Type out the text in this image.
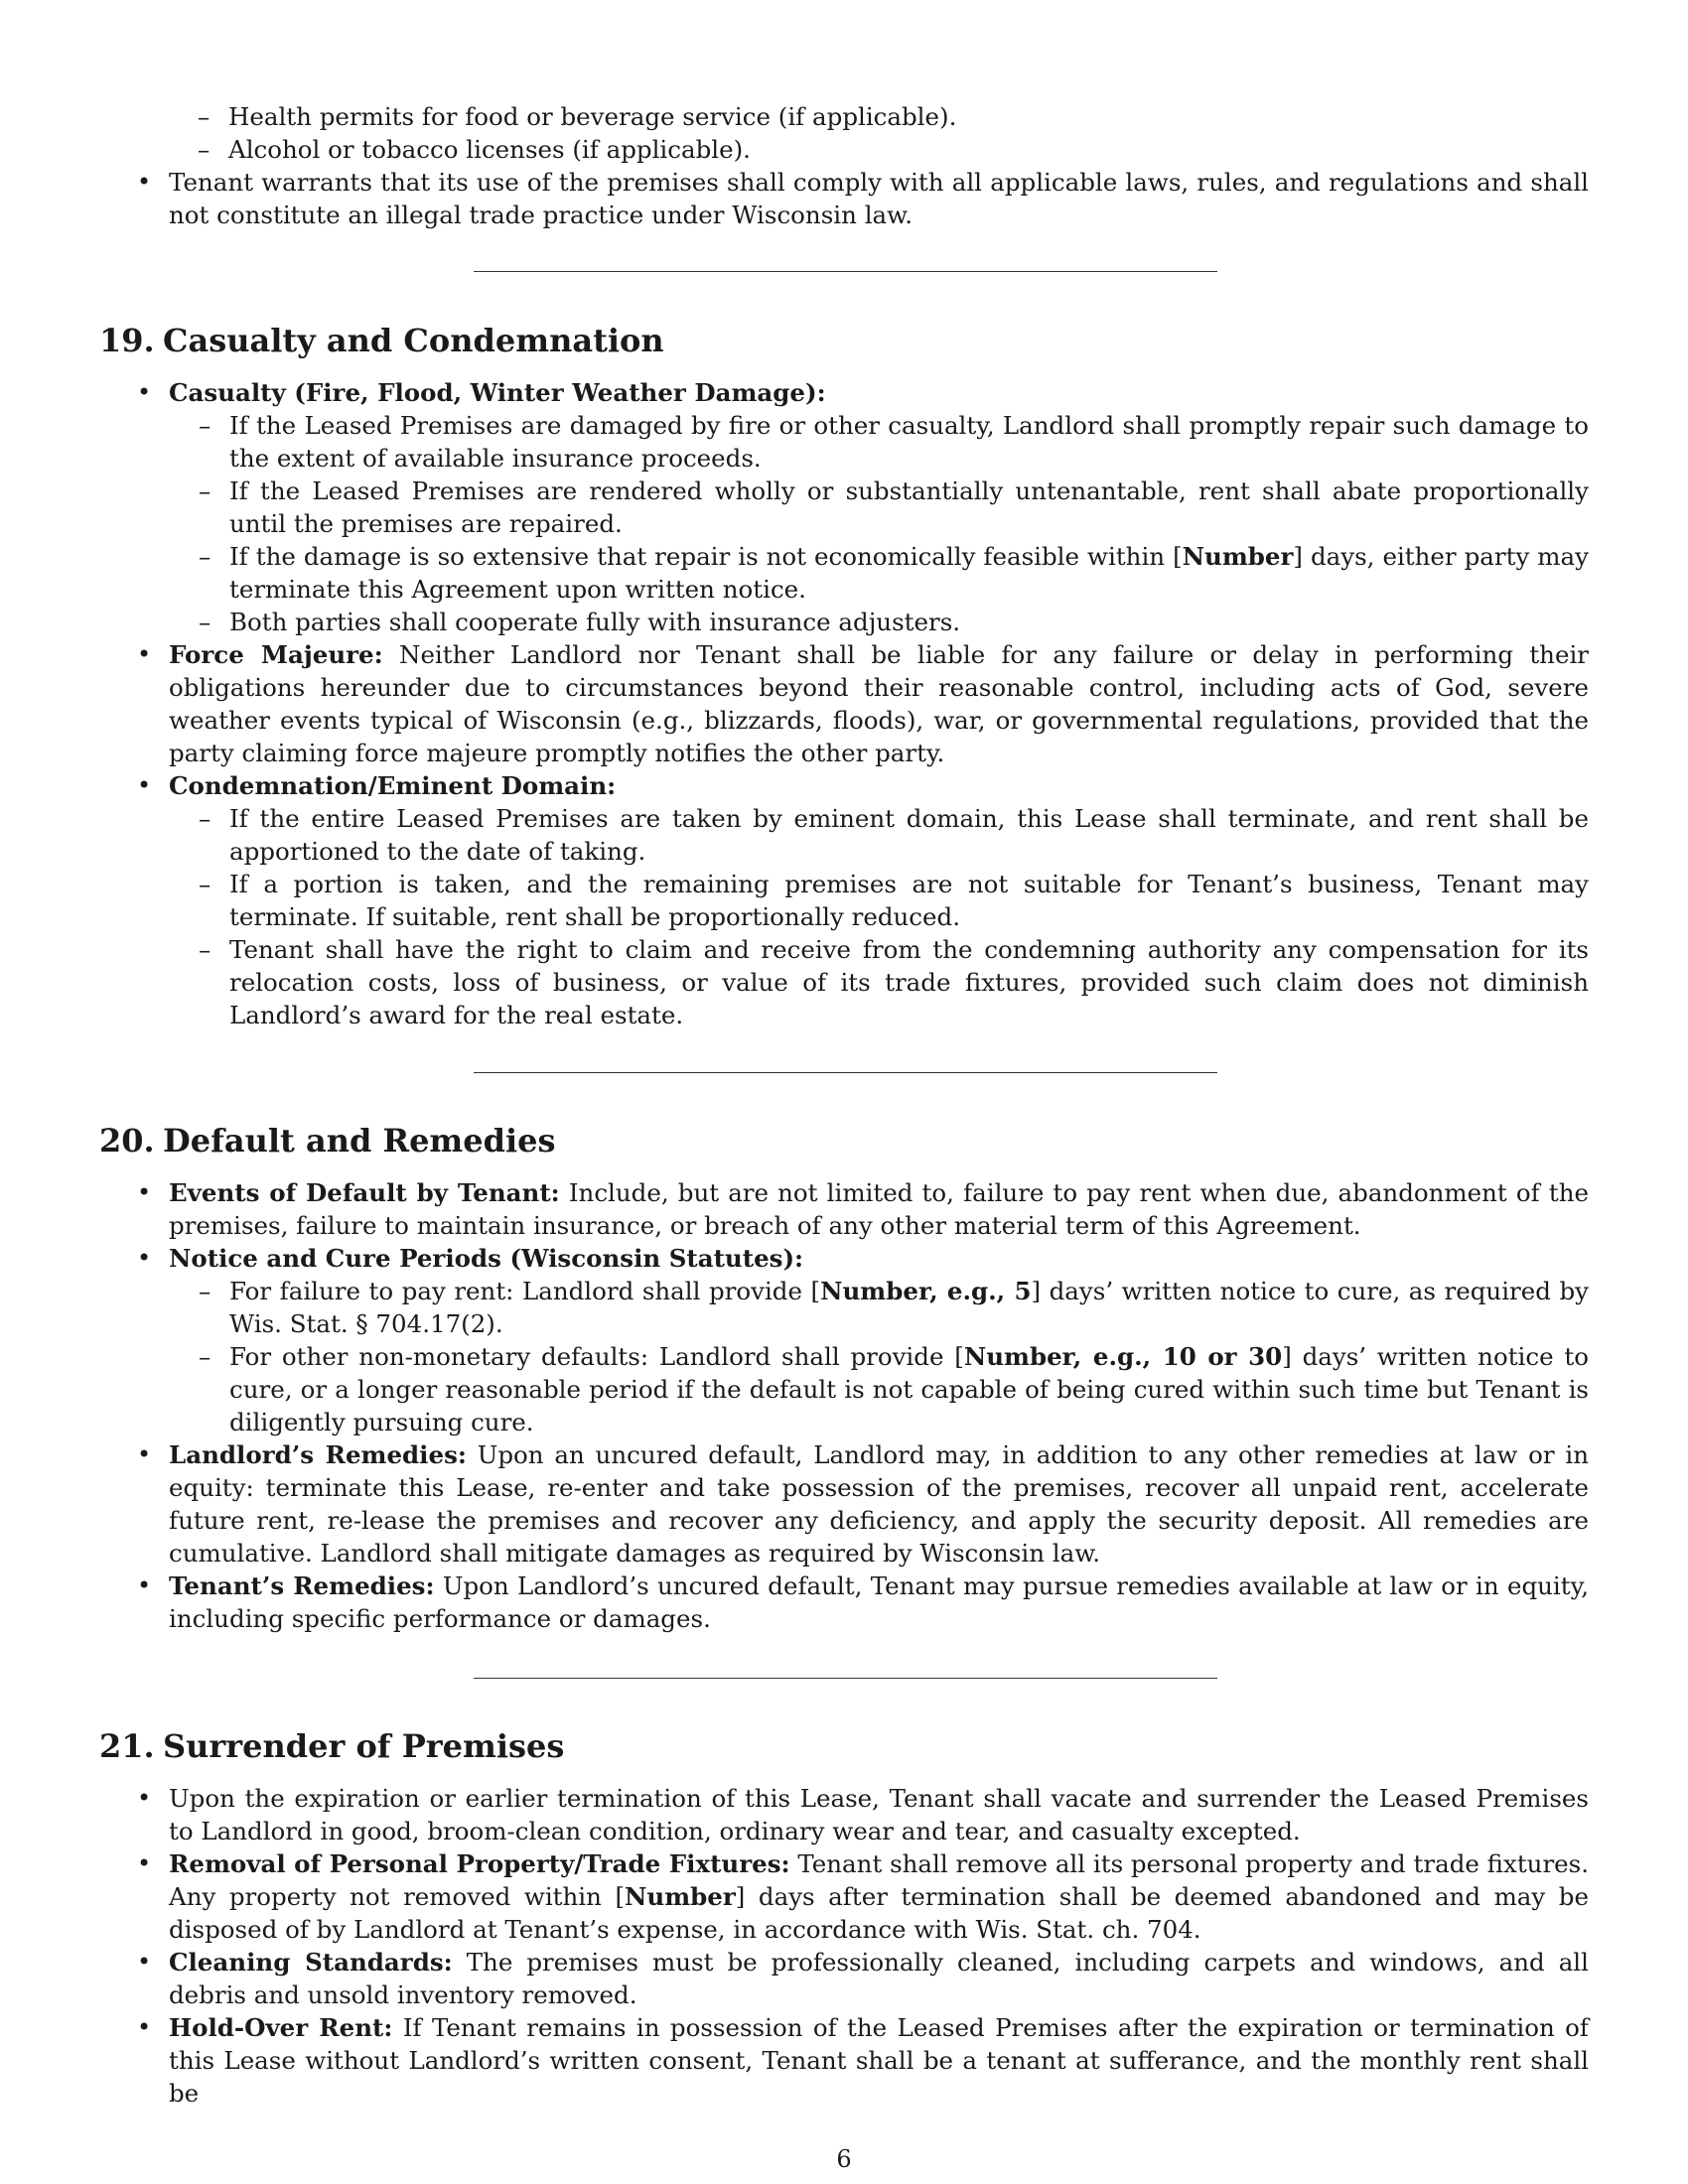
– Health permits for food or beverage service (if applicable).
– Alcohol or tobacco licenses (if applicable).
• Tenant warrants that its use of the premises shall comply with all applicable laws, rules, and regulations and shall not constitute an illegal trade practice under Wisconsin law.
19. Casualty and Condemnation
• Casualty (Fire, Flood, Winter Weather Damage):
– If the Leased Premises are damaged by fire or other casualty, Landlord shall promptly repair such damage to the extent of available insurance proceeds.
– If the Leased Premises are rendered wholly or substantially untenantable, rent shall abate proportionally until the premises are repaired.
– If the damage is so extensive that repair is not economically feasible within [Number] days, either party may terminate this Agreement upon written notice.
– Both parties shall cooperate fully with insurance adjusters.
• Force Majeure: Neither Landlord nor Tenant shall be liable for any failure or delay in performing their obligations hereunder due to circumstances beyond their reasonable control, including acts of God, severe weather events typical of Wisconsin (e.g., blizzards, floods), war, or governmental regulations, provided that the party claiming force majeure promptly notifies the other party.
• Condemnation/Eminent Domain:
– If the entire Leased Premises are taken by eminent domain, this Lease shall terminate, and rent shall be apportioned to the date of taking.
– If a portion is taken, and the remaining premises are not suitable for Tenant’s business, Tenant may terminate. If suitable, rent shall be proportionally reduced.
– Tenant shall have the right to claim and receive from the condemning authority any compensation for its relocation costs, loss of business, or value of its trade fixtures, provided such claim does not diminish Landlord’s award for the real estate.
20. Default and Remedies
• Events of Default by Tenant: Include, but are not limited to, failure to pay rent when due, abandonment of the premises, failure to maintain insurance, or breach of any other material term of this Agreement.
• Notice and Cure Periods (Wisconsin Statutes):
– For failure to pay rent: Landlord shall provide [Number, e.g., 5] days’ written notice to cure, as required by Wis. Stat. § 704.17(2).
– For other non-monetary defaults: Landlord shall provide [Number, e.g., 10 or 30] days’ written notice to cure, or a longer reasonable period if the default is not capable of being cured within such time but Tenant is diligently pursuing cure.
• Landlord’s Remedies: Upon an uncured default, Landlord may, in addition to any other remedies at law or in equity: terminate this Lease, re-enter and take possession of the premises, recover all unpaid rent, accelerate future rent, re-lease the premises and recover any deficiency, and apply the security deposit. All remedies are cumulative. Landlord shall mitigate damages as required by Wisconsin law.
• Tenant’s Remedies: Upon Landlord’s uncured default, Tenant may pursue remedies available at law or in equity, including specific performance or damages.
21. Surrender of Premises
• Upon the expiration or earlier termination of this Lease, Tenant shall vacate and surrender the Leased Premises to Landlord in good, broom-clean condition, ordinary wear and tear, and casualty excepted.
• Removal of Personal Property/Trade Fixtures: Tenant shall remove all its personal property and trade fixtures. Any property not removed within [Number] days after termination shall be deemed abandoned and may be disposed of by Landlord at Tenant’s expense, in accordance with Wis. Stat. ch. 704.
• Cleaning Standards: The premises must be professionally cleaned, including carpets and windows, and all debris and unsold inventory removed.
• Hold-Over Rent: If Tenant remains in possession of the Leased Premises after the expiration or termination of this Lease without Landlord’s written consent, Tenant shall be a tenant at sufferance, and the monthly rent shall be
6
